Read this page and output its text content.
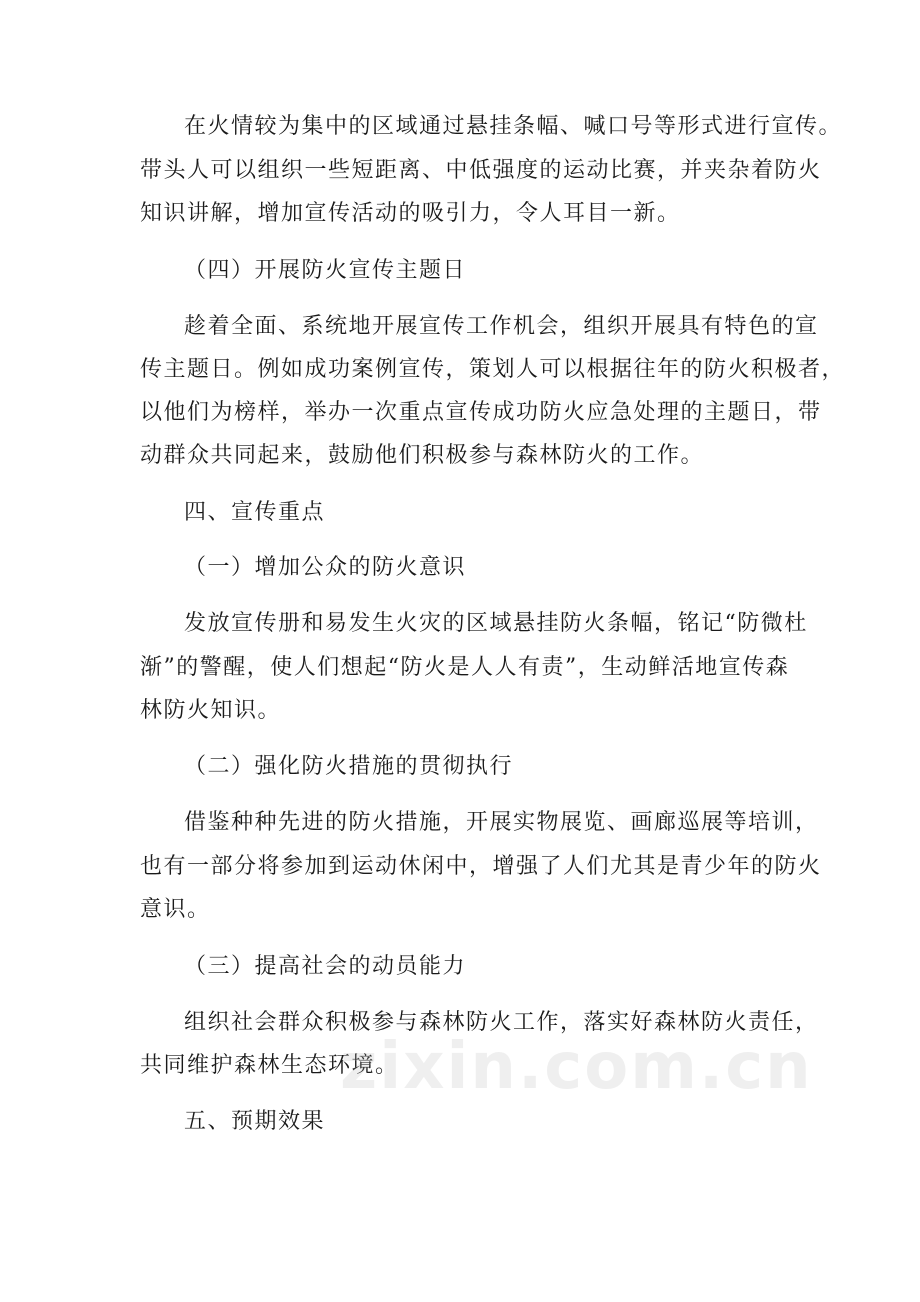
在火情较为集中的区域通过悬挂条幅、喊口号等形式进行宣传。
带头人可以组织一些短距离、中低强度的运动比赛，并夹杂着防火
知识讲解，增加宣传活动的吸引力，令人耳目一新。
（四）开展防火宣传主题日
趁着全面、系统地开展宣传工作机会，组织开展具有特色的宣
传主题日。例如成功案例宣传，策划人可以根据往年的防火积极者，
以他们为榜样，举办一次重点宣传成功防火应急处理的主题日，带
动群众共同起来，鼓励他们积极参与森林防火的工作。
四、宣传重点
（一）增加公众的防火意识
发放宣传册和易发生火灾的区域悬挂防火条幅，铭记“防微杜
渐”的警醒，使人们想起“防火是人人有责”，生动鲜活地宣传森
林防火知识。
（二）强化防火措施的贯彻执行
借鉴种种先进的防火措施，开展实物展览、画廊巡展等培训，
也有一部分将参加到运动休闲中，增强了人们尤其是青少年的防火
意识。
（三）提高社会的动员能力
组织社会群众积极参与森林防火工作，落实好森林防火责任，
共同维护森林生态环境。
五、预期效果
zixin.com.cn
